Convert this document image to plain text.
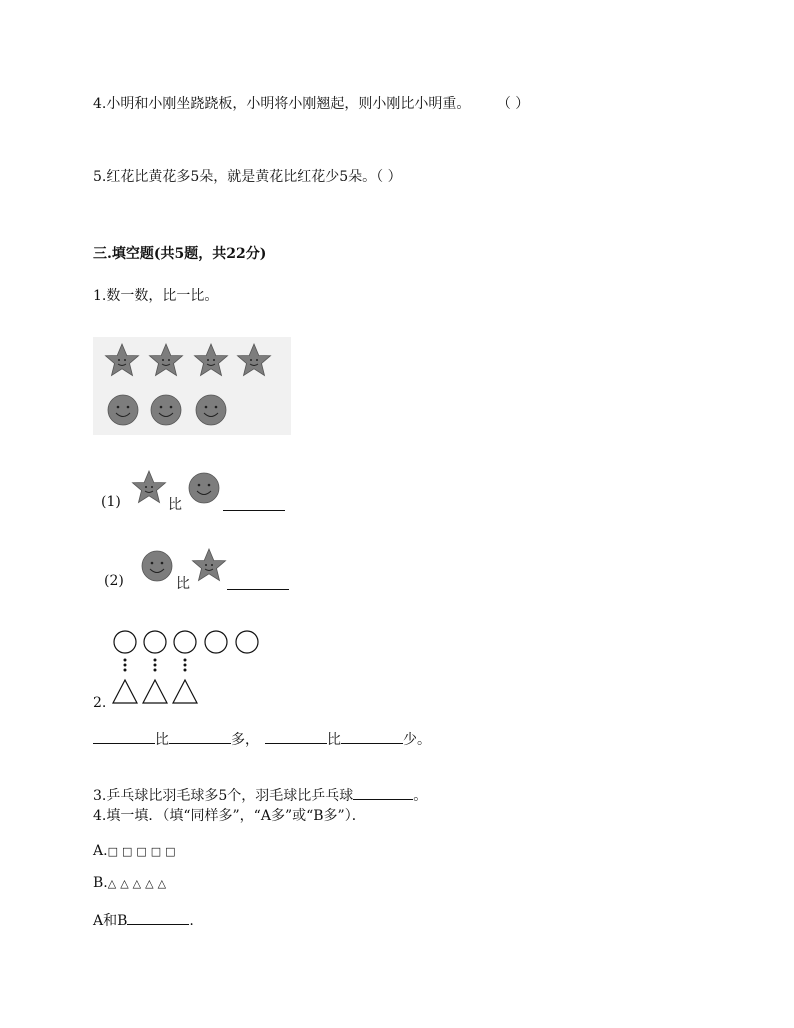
4.小明和小刚坐跷跷板，小明将小刚翘起，则小刚比小明重。 （ ）
5.红花比黄花多5朵，就是黄花比红花少5朵。（ ）
三.填空题(共5题，共22分)
1.数一数，比一比。
(1)	比
(2)	比
2.
比	多，	比	少。
3.乒乓球比羽毛球多5个，羽毛球比乒乓球	。
4.填一填．（填“同样多”，“A多”或“B多”）．
A.□□□□□
B.△△△△△
A和B	.
